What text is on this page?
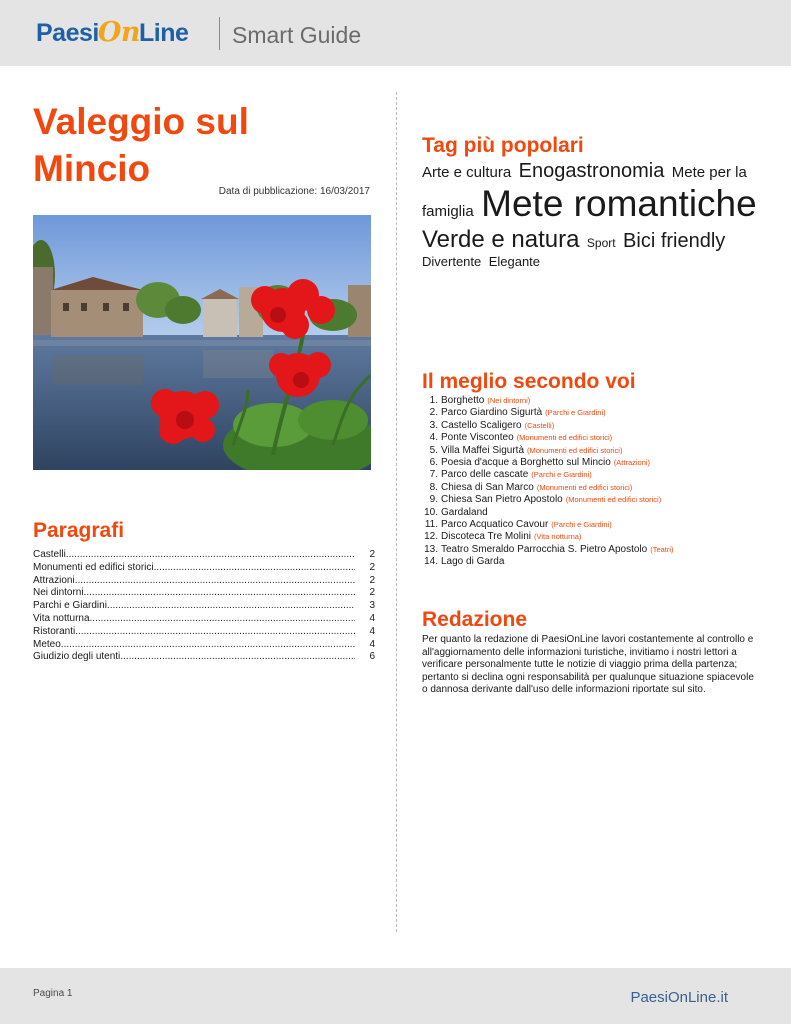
PaesiOnLine Smart Guide
Valeggio sul
Mincio
Data di pubblicazione: 16/03/2017
Paragrafi
Castelli .....	2
Monumenti ed edifici storici .....	2
Attrazioni .....	2
Nei dintorni .....	2
Parchi e Giardini .....	3
Vita notturna .....	4
Ristoranti .....	4
Meteo .....	4
Giudizio degli utenti .....	6
Tag più popolari
Arte e cultura Enogastronomia Mete per la famiglia Mete romantiche Verde e natura Sport Bici friendly Divertente Elegante
Il meglio secondo voi
1. Borghetto (Nei dintorni)
2. Parco Giardino Sigurtà (Parchi e Giardini)
3. Castello Scaligero (Castelli)
4. Ponte Visconteo (Monumenti ed edifici storici)
5. Villa Maffei Sigurtà (Monumenti ed edifici storici)
6. Poesia d'acque a Borghetto sul Mincio (Attrazioni)
7. Parco delle cascate (Parchi e Giardini)
8. Chiesa di San Marco (Monumenti ed edifici storici)
9. Chiesa San Pietro Apostolo (Monumenti ed edifici storici)
10. Gardaland
11. Parco Acquatico Cavour (Parchi e Giardini)
12. Discoteca Tre Molini (Vita notturna)
13. Teatro Smeraldo Parrocchia S. Pietro Apostolo (Teatri)
14. Lago di Garda
Redazione

Per quanto la redazione di PaesiOnLine lavori costantemente al controllo e all'aggiornamento delle informazioni turistiche, invitiamo i nostri lettori a verificare personalmente tutte le notizie di viaggio prima della partenza; pertanto si declina ogni responsabilità per qualunque situazione spiacevole o dannosa derivante dall'uso delle informazioni riportate sul sito.

Pagina 1	PaesiOnLine.it
